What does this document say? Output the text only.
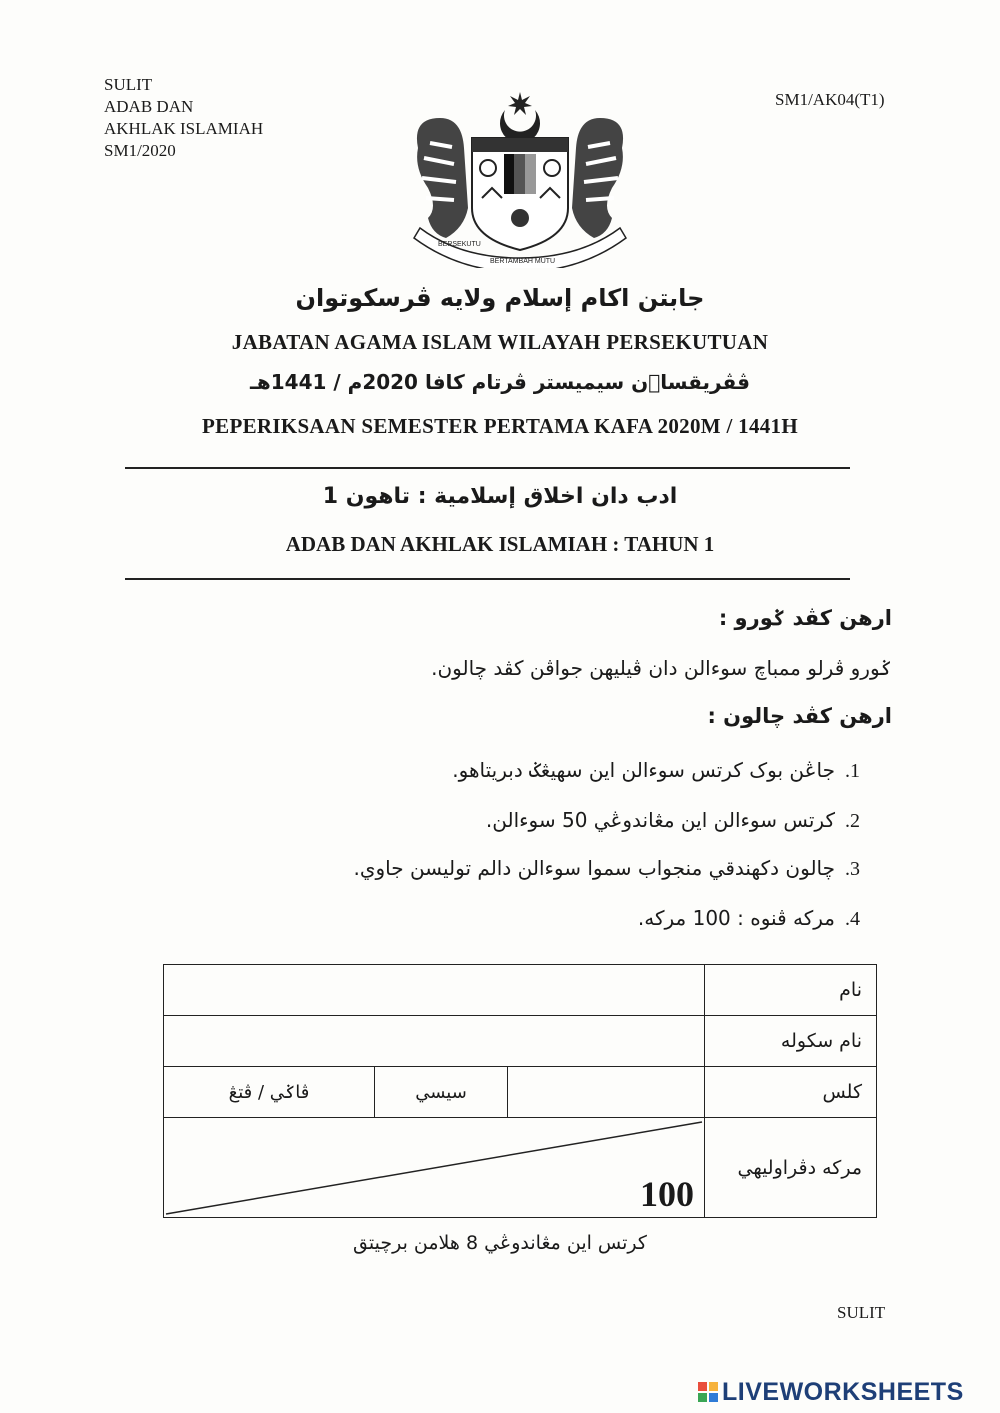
SULIT
ADAB DAN
AKHLAK ISLAMIAH
SM1/2020
SM1/AK04(T1)
BERSEKUTU
BERTAMBAH MUTU
جابتن اکام إسلام ولايه ڤرسکوتوان
JABATAN AGAMA ISLAM WILAYAH PERSEKUTUAN
ڤڤريقسا٘ن سيميستر ڤرتام کافا 2020م / 1441هـ
PEPERIKSAAN SEMESTER PERTAMA KAFA 2020M / 1441H
ادب دان اخلاق إسلامية : تاهون 1
ADAB DAN AKHLAK ISLAMIAH : TAHUN 1
ارهن کڤد ݢورو :
ݢورو ڤرلو ممباچ سوءالن دان ڤيليهن جواڤن کڤد چالون.
ارهن کڤد چالون :
1.جاڠن بوک کرتس سوءالن اين سهيڠݢ دبريتاهو.
2.کرتس سوءالن اين مڠاندوڠي 50 سوءالن.
3.چالون دکهندقي منجواب سموا سوءالن دالم توليسن جاوي.
4.مرکه ڤنوه : 100 مرکه.
			نام
			نام سکوله
ڤاݢي / ڤتڠ	سيسي		کلس

100			مرکه دڤراوليهي
کرتس اين مڠاندوڠي 8 هلامن برچيتق
SULIT
LIVEWORKSHEETS
